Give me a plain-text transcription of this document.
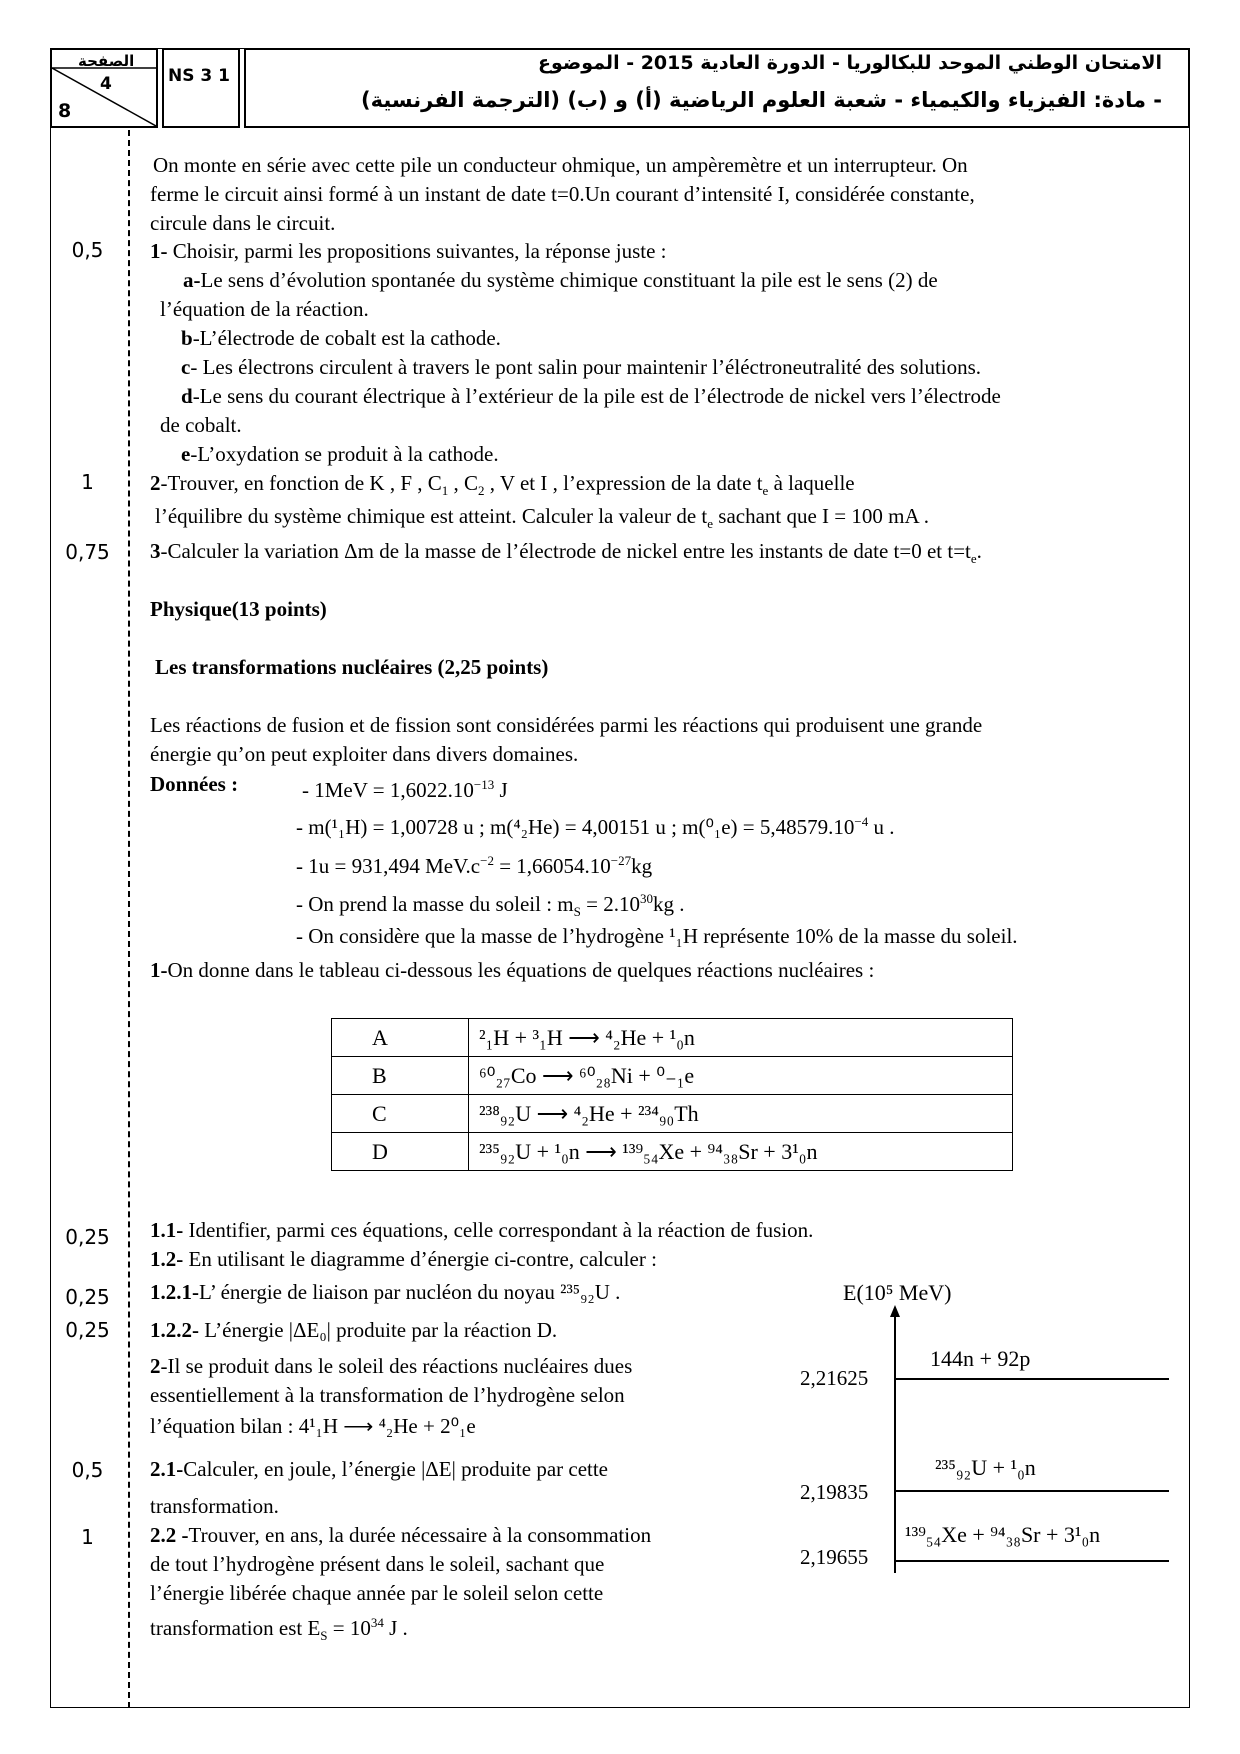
الصفحة
4
8
NS 3 1
الامتحان الوطني الموحد للبكالوريا - الدورة العادية 2015 - الموضوع
- مادة: الفيزياء والكيمياء - شعبة العلوم الرياضية (أ) و (ب) (الترجمة الفرنسية)
0,5
1
0,75
0,25
0,25
0,25
0,5
1
On monte en série avec cette pile un conducteur ohmique, un ampèremètre et un interrupteur. On
ferme le circuit ainsi formé à un instant de date t=0.Un courant d’intensité I, considérée constante,
circule dans le circuit.
1- Choisir, parmi les propositions suivantes, la réponse juste :
a-Le sens d’évolution spontanée du système chimique constituant la pile est le sens (2) de
l’équation de la réaction.
b-L’électrode de cobalt est la cathode.
c- Les électrons circulent à travers le pont salin pour maintenir l’éléctroneutralité des solutions.
d-Le sens du courant électrique à l’extérieur de la pile est de l’électrode de nickel vers l’électrode
de cobalt.
e-L’oxydation se produit à la cathode.
2-Trouver, en fonction de K , F , $C_1$ , $C_2$ , V et I , l’expression de la date $t_e$ à laquelle
l’équilibre du système chimique est atteint. Calculer la valeur de $t_e$ sachant que I = 100 mA .
3-Calculer la variation Δm de la masse de l’électrode de nickel entre les instants de date t=0 et $t=t_e$.
Physique(13 points)
Les transformations nucléaires (2,25 points)
Les réactions de fusion et de fission sont considérées parmi les réactions qui produisent une grande
énergie qu’on peut exploiter dans divers domaines.
Données :	- $1MeV = 1,6022.10^{-13}$ J
- m(¹₁H) = 1,00728 u ; m(⁴₂He) = 4,00151 u ; $m(^0_1e) = 5,48579.10^{-4}$ u .
- 1u = 931,494 $MeV.c^{-2} = 1,66054.10^{-27}kg$
- On prend la masse du soleil : $m_S = 2.10^{30}kg$ .
- On considère que la masse de l’hydrogène ¹₁H représente 10% de la masse du soleil.
1-On donne dans le tableau ci-dessous les équations de quelques réactions nucléaires :
A	²₁H + ³₁H ⟶ ⁴₂He + ¹₀n
B	⁶⁰₂₇Co ⟶ ⁶⁰₂₈Ni + ⁰₋₁e
C	²³⁸₉₂U ⟶ ⁴₂He + ²³⁴₉₀Th
D	²³⁵₉₂U + ¹₀n ⟶ ¹³⁹₅₄Xe + ⁹⁴₃₈Sr + 3¹₀n
1.1- Identifier, parmi ces équations, celle correspondant à la réaction de fusion.
1.2- En utilisant le diagramme d’énergie ci-contre, calculer :
1.2.1-L’ énergie de liaison par nucléon du noyau ²³⁵₉₂U .
1.2.2- L’énergie |ΔE₀| produite par la réaction D.
2-Il se produit dans le soleil des réactions nucléaires dues
essentiellement à la transformation de l’hydrogène selon
l’équation bilan : 4¹₁H ⟶ ⁴₂He + 2⁰₁e
2.1-Calculer, en joule, l’énergie |ΔE| produite par cette
transformation.
2.2 -Trouver, en ans, la durée nécessaire à la consommation
de tout l’hydrogène présent dans le soleil, sachant que
l’énergie libérée chaque année par le soleil selon cette
transformation est $E_S = 10^{34}$ J .
E(10⁵ MeV)
2,21625
144n + 92p
2,19835
²³⁵₉₂U + ¹₀n
2,19655
¹³⁹₅₄Xe + ⁹⁴₃₈Sr + 3¹₀n
